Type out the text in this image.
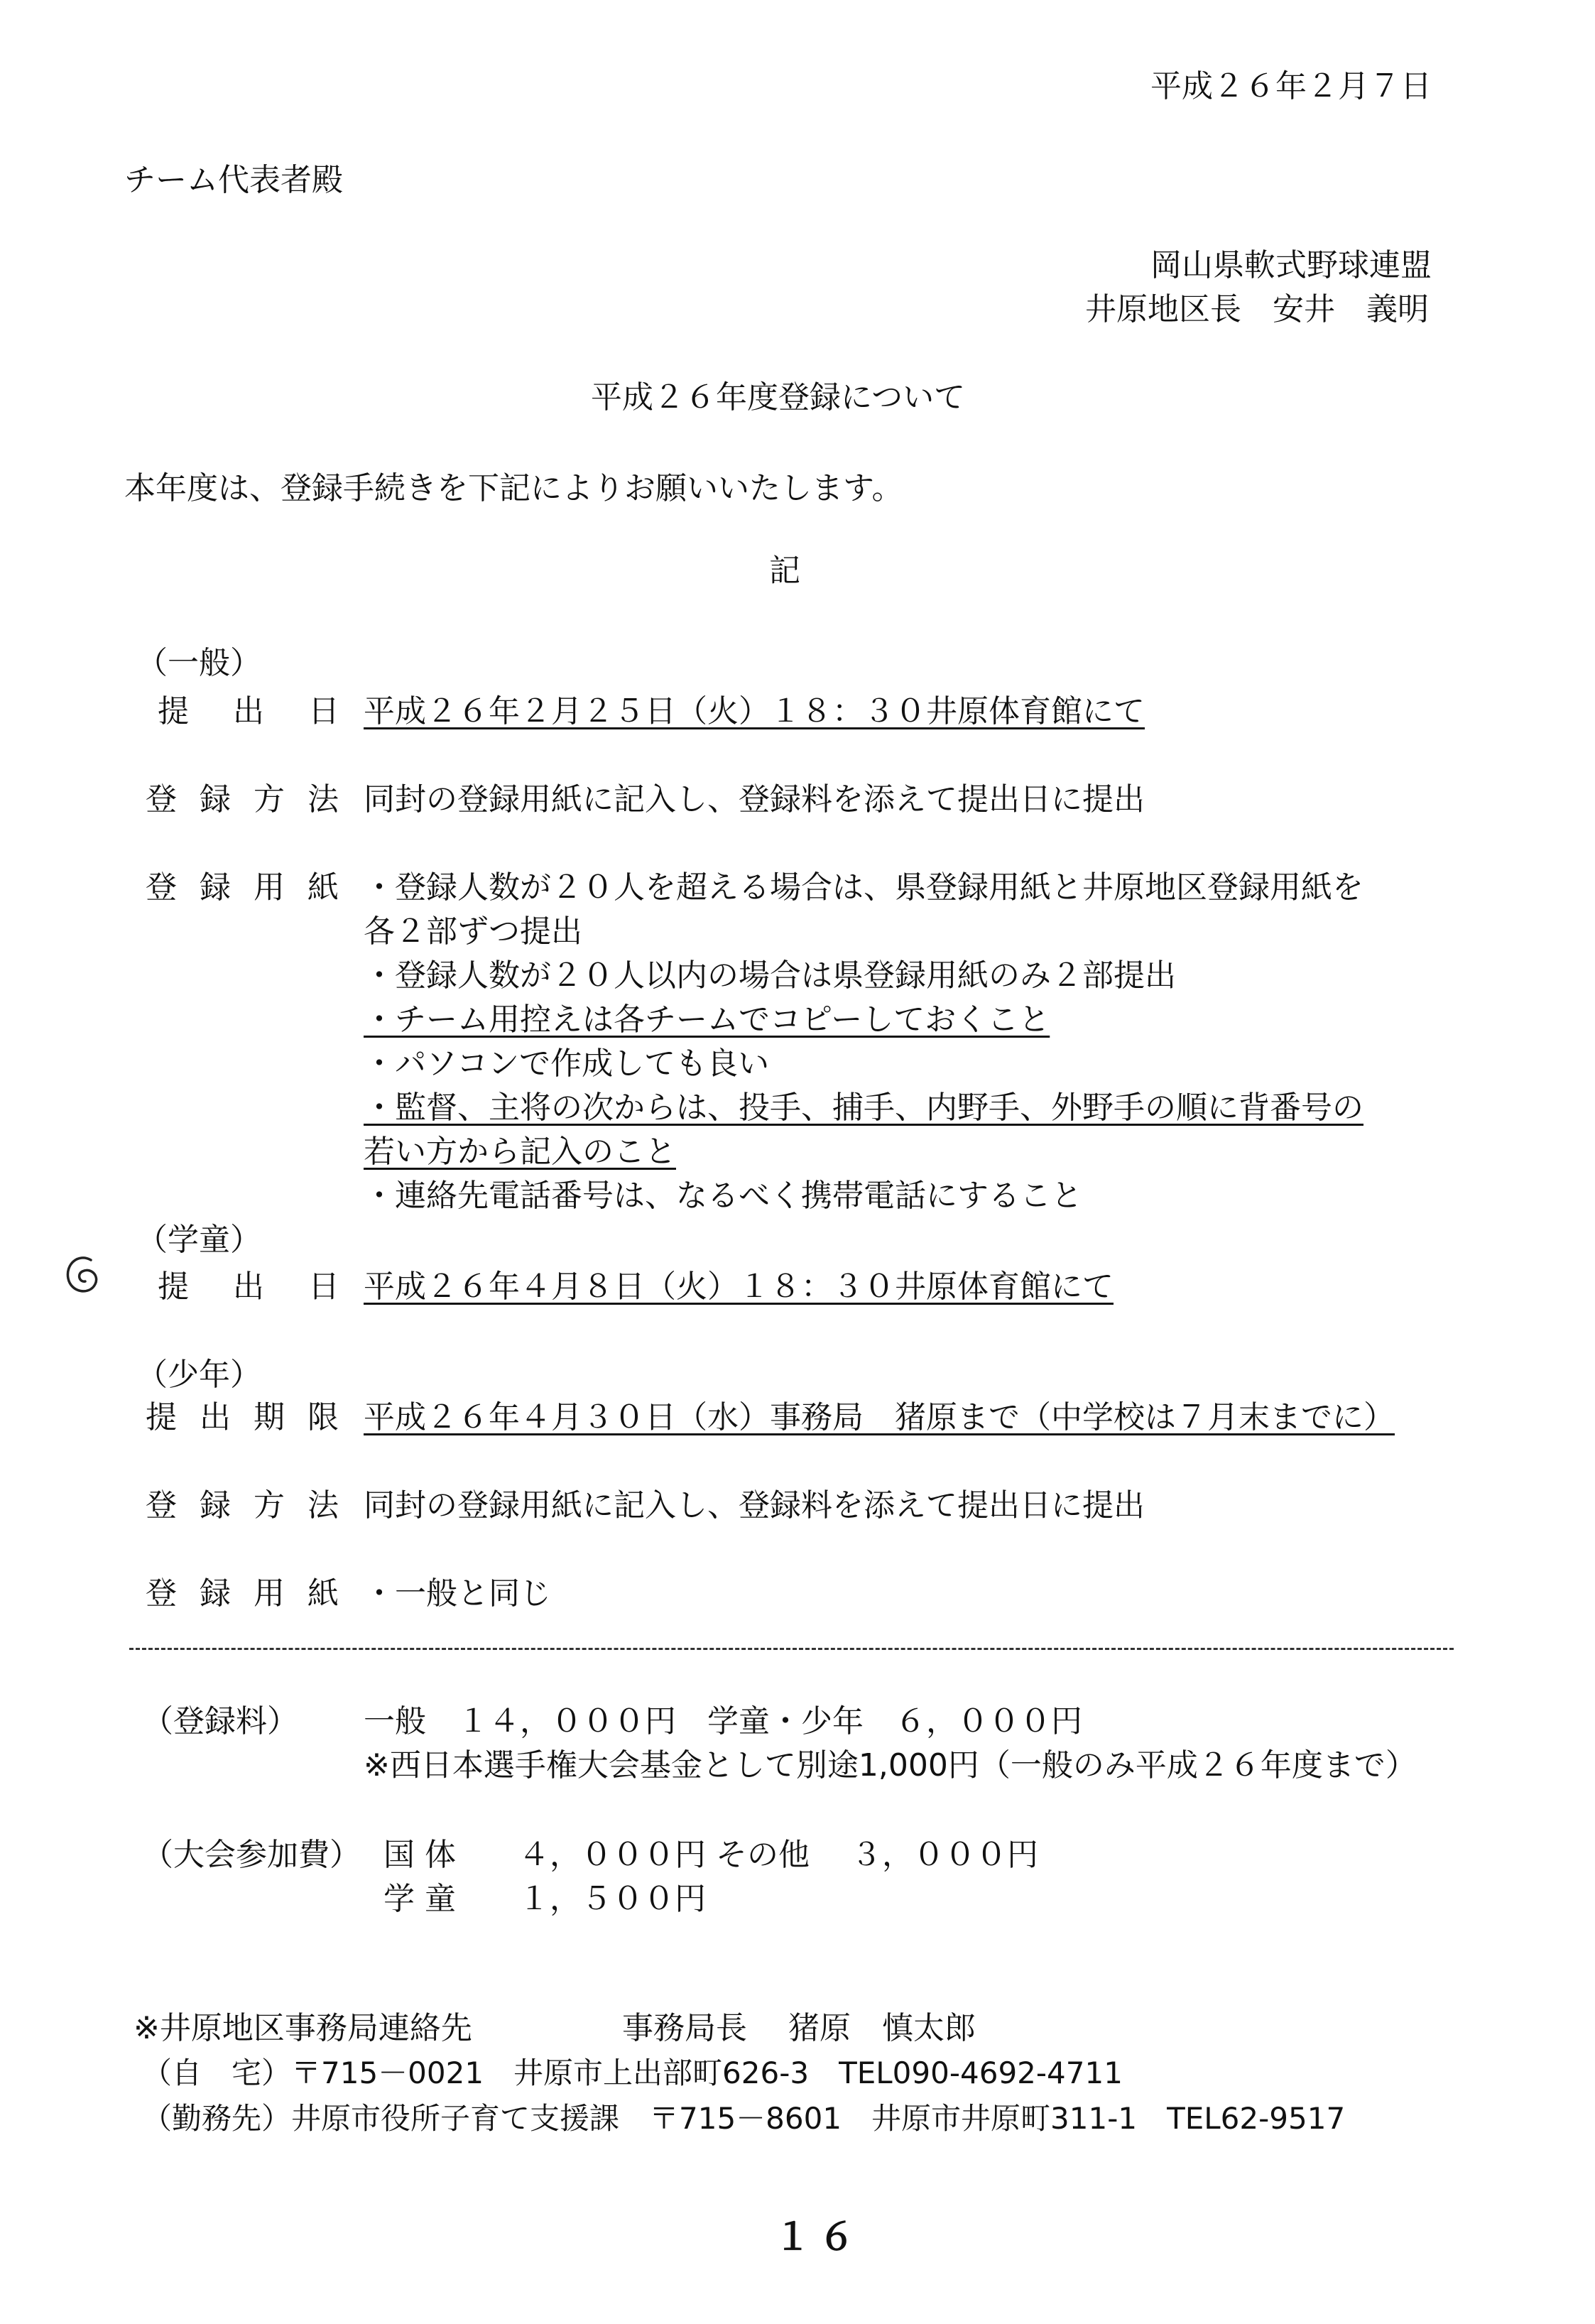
平成２６年２月７日
チーム代表者殿
岡山県軟式野球連盟
井原地区長　安井　義明
平成２６年度登録について
本年度は、登録手続きを下記によりお願いいたします。
記
（一般）
提出日
平成２６年２月２５日（火）１８：３０井原体育館にて
登録方法 同封の登録用紙に記入し、登録料を添えて提出日に提出
登録用紙 ・登録人数が２０人を超える場合は、県登録用紙と井原地区登録用紙を
各２部ずつ提出
・登録人数が２０人以内の場合は県登録用紙のみ２部提出
・チーム用控えは各チームでコピーしておくこと
・パソコンで作成しても良い
・監督、主将の次からは、投手、捕手、内野手、外野手の順に背番号の
若い方から記入のこと
・連絡先電話番号は、なるべく携帯電話にすること
（学童）
提出日
平成２６年４月８日（火）１８：３０井原体育館にて
（少年）
提出期限 平成２６年４月３０日（水）事務局　猪原まで（中学校は７月末までに）
登録方法 同封の登録用紙に記入し、登録料を添えて提出日に提出
登録用紙 ・一般と同じ
（登録料） 一般　１４，０００円　学童・少年　６，０００円
※西日本選手権大会基金として別途1,000円（一般のみ平成２６年度まで）
（大会参加費） 国 体　　４，０００円 その他　 ３，０００円
学 童　　１，５００円
※井原地区事務局連絡先	事務局長　 猪原　慎太郎
（自　宅）〒715－0021　井原市上出部町626-3　TEL090-4692-4711
（勤務先）井原市役所子育て支援課　〒715－8601　井原市井原町311-1　TEL62-9517
１６
